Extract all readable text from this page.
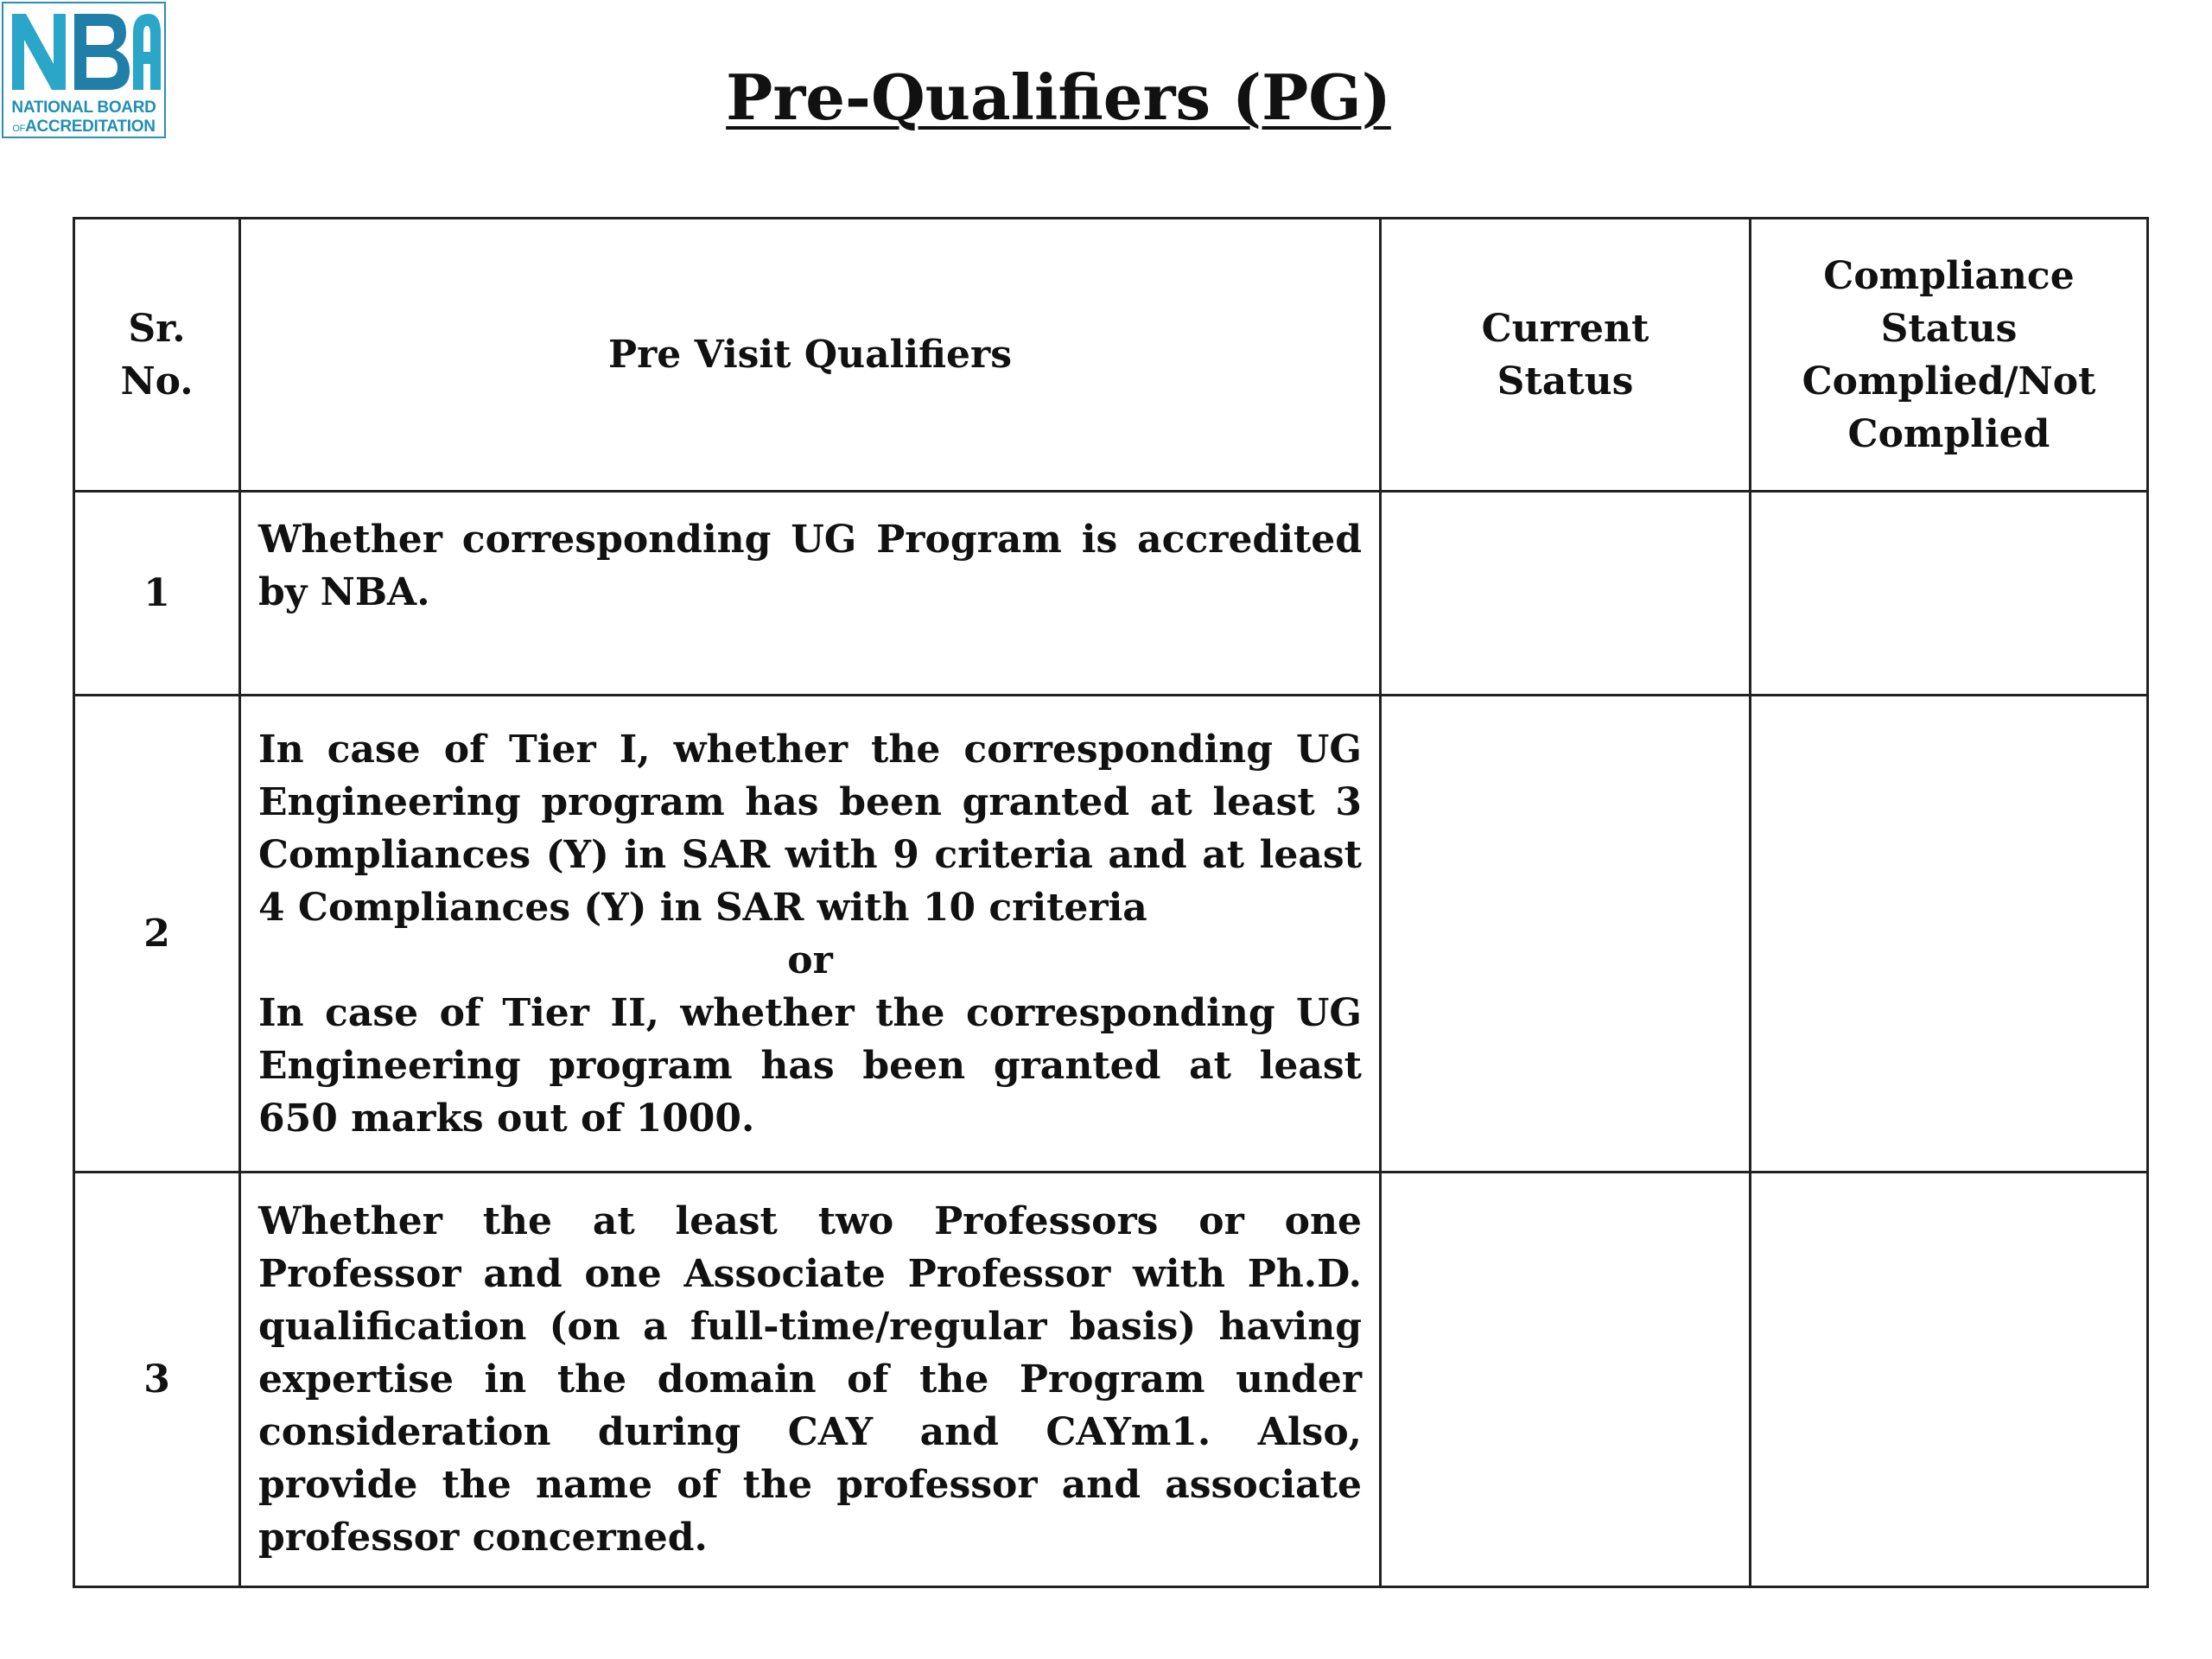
NATIONAL BOARD
OFACCREDITATION	Pre-Qualifiers (PG)
Sr. No.	Pre Visit Qualifiers	Current Status	Compliance Status Complied/Not Complied
1	Whether corresponding UG Program is accredited by NBA.		
2	In case of Tier I, whether the corresponding UG Engineering program has been granted at least 3 Compliances (Y) in SAR with 9 criteria and at least 4 Compliances (Y) in SAR with 10 criteria
or
In case of Tier II, whether the corresponding UG Engineering program has been granted at least 650 marks out of 1000.		

3	Whether the at least two Professors or one Professor and one Associate Professor with Ph.D. qualification (on a full-time/regular basis) having expertise in the domain of the Program under consideration during CAY and CAYm1. Also, provide the name of the professor and associate professor concerned.		
